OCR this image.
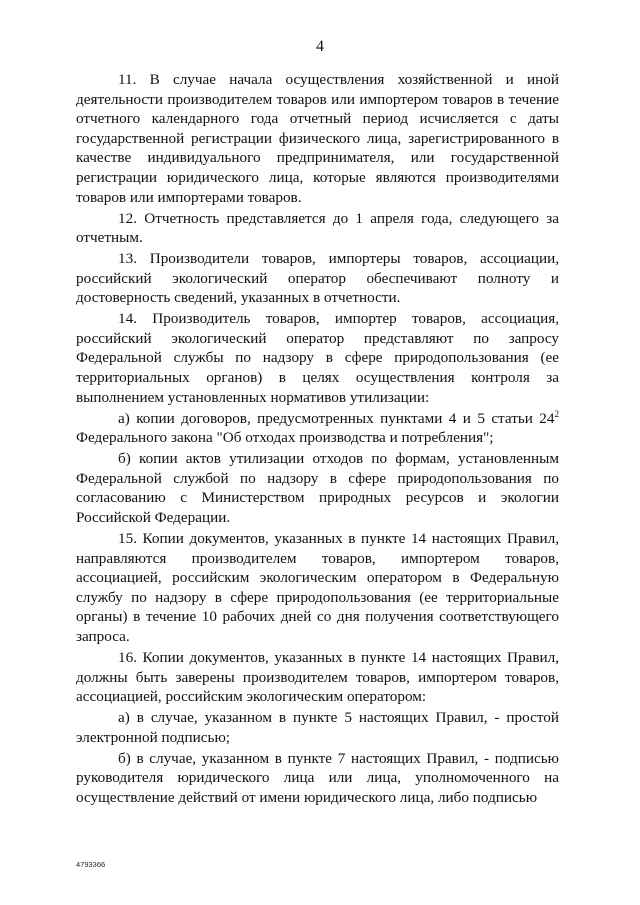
4

11. В случае начала осуществления хозяйственной и иной деятельности производителем товаров или импортером товаров в течение отчетного календарного года отчетный период исчисляется с даты государственной регистрации физического лица, зарегистрированного в качестве индивидуального предпринимателя, или государственной регистрации юридического лица, которые являются производителями товаров или импортерами товаров.

12. Отчетность представляется до 1 апреля года, следующего за отчетным.

13. Производители товаров, импортеры товаров, ассоциации, российский экологический оператор обеспечивают полноту и достоверность сведений, указанных в отчетности.

14. Производитель товаров, импортер товаров, ассоциация, российский экологический оператор представляют по запросу Федеральной службы по надзору в сфере природопользования (ее территориальных органов) в целях осуществления контроля за выполнением установленных нормативов утилизации:

а) копии договоров, предусмотренных пунктами 4 и 5 статьи $24^2$ Федерального закона "Об отходах производства и потребления";

б) копии актов утилизации отходов по формам, установленным Федеральной службой по надзору в сфере природопользования по согласованию с Министерством природных ресурсов и экологии Российской Федерации.

15. Копии документов, указанных в пункте 14 настоящих Правил, направляются производителем товаров, импортером товаров, ассоциацией, российским экологическим оператором в Федеральную службу по надзору в сфере природопользования (ее территориальные органы) в течение 10 рабочих дней со дня получения соответствующего запроса.

16. Копии документов, указанных в пункте 14 настоящих Правил, должны быть заверены производителем товаров, импортером товаров, ассоциацией, российским экологическим оператором:

а) в случае, указанном в пункте 5 настоящих Правил, - простой электронной подписью;

б) в случае, указанном в пункте 7 настоящих Правил, - подписью руководителя юридического лица или лица, уполномоченного на осуществление действий от имени юридического лица, либо подписью

4793366
